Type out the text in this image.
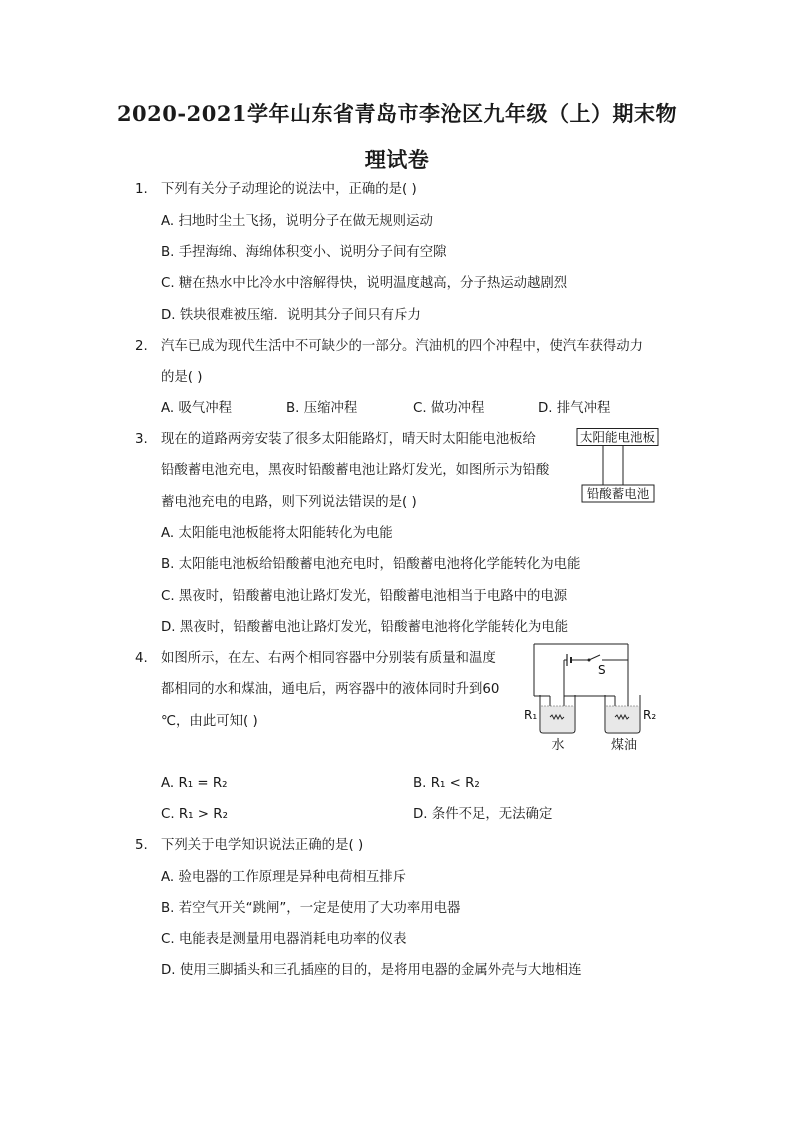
2020-2021学年山东省青岛市李沧区九年级（上）期末物
理试卷
1. 下列有关分子动理论的说法中，正确的是( )
A. 扫地时尘土飞扬，说明分子在做无规则运动
B. 手捏海绵、海绵体积变小、说明分子间有空隙
C. 糖在热水中比冷水中溶解得快，说明温度越高，分子热运动越剧烈
D. 铁块很难被压缩．说明其分子间只有斥力
2. 汽车已成为现代生活中不可缺少的一部分。汽油机的四个冲程中，使汽车获得动力
的是( )
A. 吸气冲程	B. 压缩冲程	C. 做功冲程	D. 排气冲程
3. 现在的道路两旁安装了很多太阳能路灯，晴天时太阳能电池板给
铅酸蓄电池充电，黑夜时铅酸蓄电池让路灯发光，如图所示为铅酸
蓄电池充电的电路，则下列说法错误的是( )
A. 太阳能电池板能将太阳能转化为电能
B. 太阳能电池板给铅酸蓄电池充电时，铅酸蓄电池将化学能转化为电能
C. 黑夜时，铅酸蓄电池让路灯发光，铅酸蓄电池相当于电路中的电源
D. 黑夜时，铅酸蓄电池让路灯发光，铅酸蓄电池将化学能转化为电能
太阳能电池板
铅酸蓄电池
4. 如图所示，在左、右两个相同容器中分别装有质量和温度
都相同的水和煤油，通电后，两容器中的液体同时升到60
℃，由此可知( )
A. R₁ = R₂	B. R₁ < R₂
C. R₁ > R₂	D. 条件不足，无法确定
S
R₁	R₂
水	煤油
5. 下列关于电学知识说法正确的是( )
A. 验电器的工作原理是异种电荷相互排斥
B. 若空气开关“跳闸”，一定是使用了大功率用电器
C. 电能表是测量用电器消耗电功率的仪表
D. 使用三脚插头和三孔插座的目的，是将用电器的金属外壳与大地相连
